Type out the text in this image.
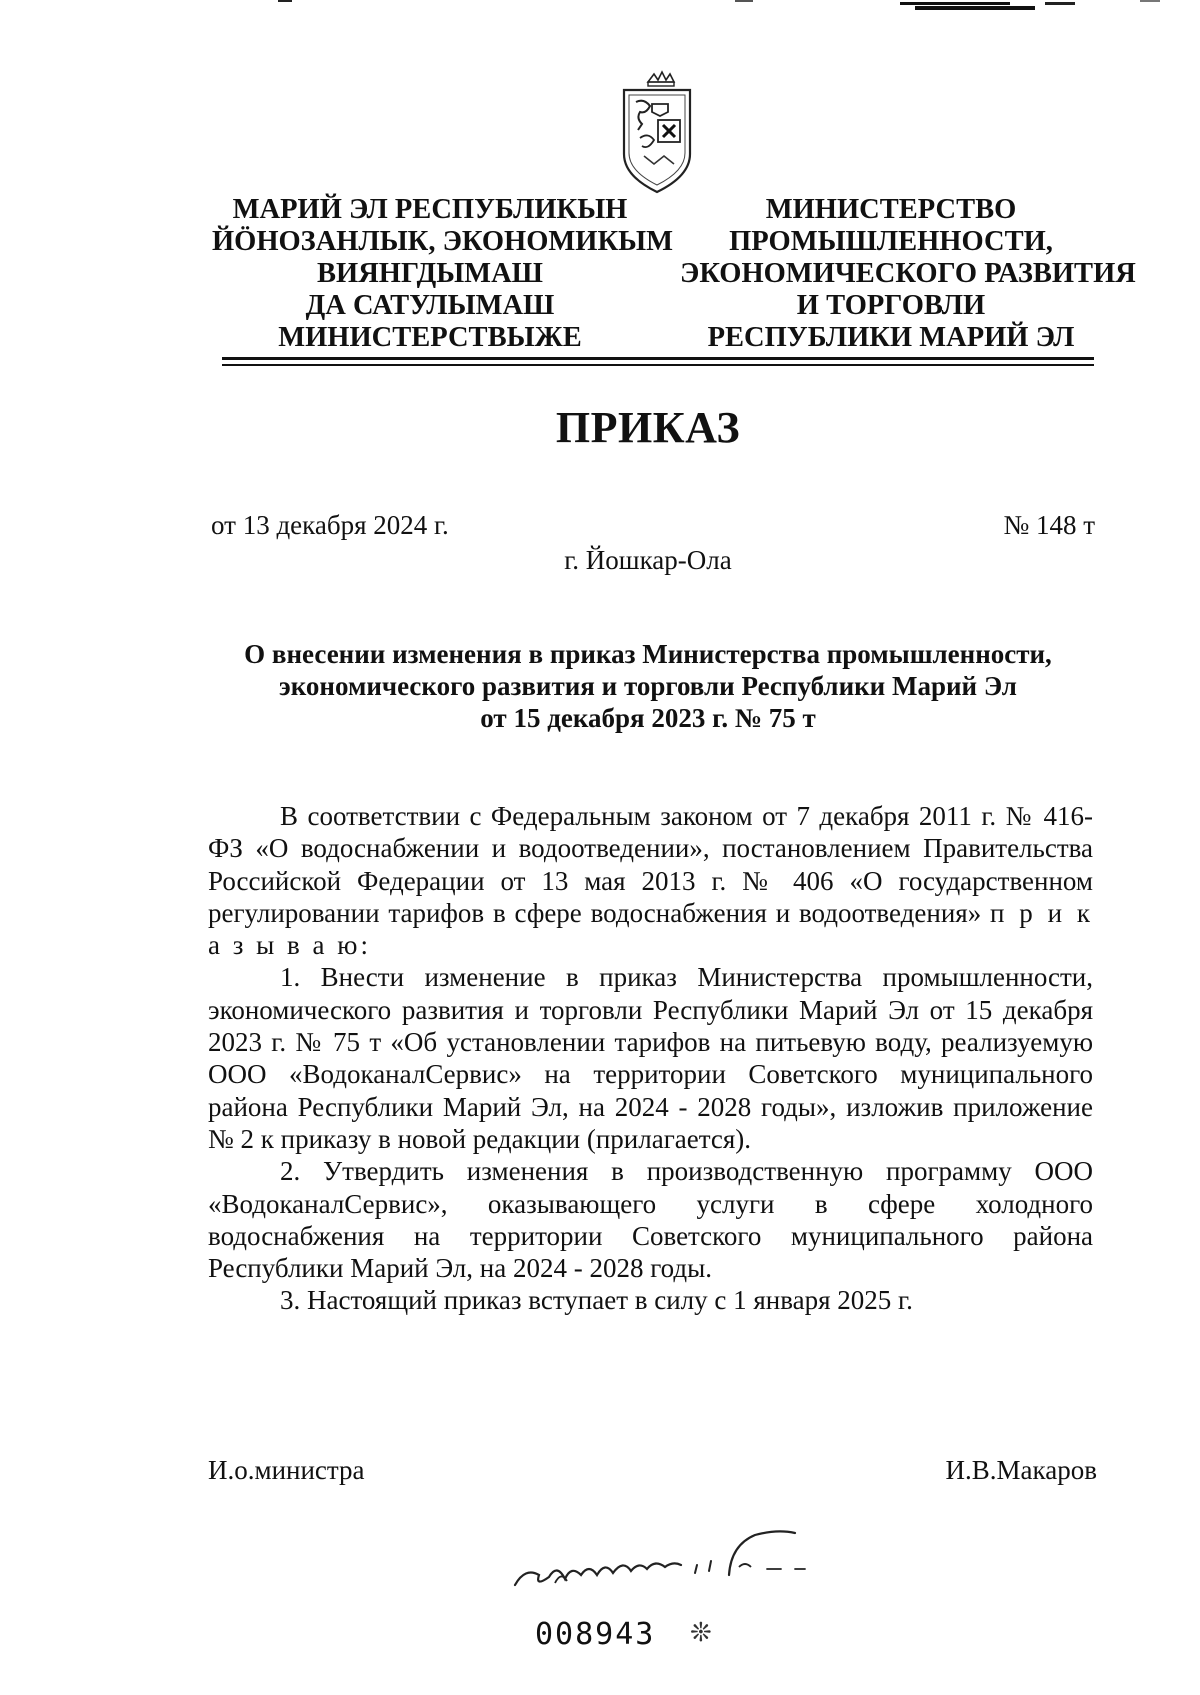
МАРИЙ ЭЛ РЕСПУБЛИКЫН
ЙӦНОЗАНЛЫК, ЭКОНОМИКЫМ
ВИЯНГДЫМАШ
ДА САТУЛЫМАШ
МИНИСТЕРСТВЫЖЕ
МИНИСТЕРСТВО
ПРОМЫШЛЕННОСТИ,
ЭКОНОМИЧЕСКОГО РАЗВИТИЯ
И ТОРГОВЛИ
РЕСПУБЛИКИ МАРИЙ ЭЛ
ПРИКАЗ
от 13 декабря 2024 г.	№ 148 т
г. Йошкар-Ола
О внесении изменения в приказ Министерства промышленности,
экономического развития и торговли Республики Марий Эл
от 15 декабря 2023 г. № 75 т

В соответствии с Федеральным законом от 7 декабря 2011 г. № 416-ФЗ «О водоснабжении и водоотведении», постановлением Правительства Российской Федерации от 13 мая 2013 г. № 406 «О государственном регулировании тарифов в сфере водоснабжения и водоотведения» п р и к а з ы в а ю:

1. Внести изменение в приказ Министерства промышленности, экономического развития и торговли Республики Марий Эл от 15 декабря 2023 г. № 75 т «Об установлении тарифов на питьевую воду, реализуемую ООО «ВодоканалСервис» на территории Советского муниципального района Республики Марий Эл, на 2024 - 2028 годы», изложив приложение № 2 к приказу в новой редакции (прилагается).

2. Утвердить изменения в производственную программу ООО «ВодоканалСервис», оказывающего услуги в сфере холодного водоснабжения на территории Советского муниципального района Республики Марий Эл, на 2024 - 2028 годы.

3. Настоящий приказ вступает в силу с 1 января 2025 г.

И.о.министра	И.В.Макаров
008943 ❊
